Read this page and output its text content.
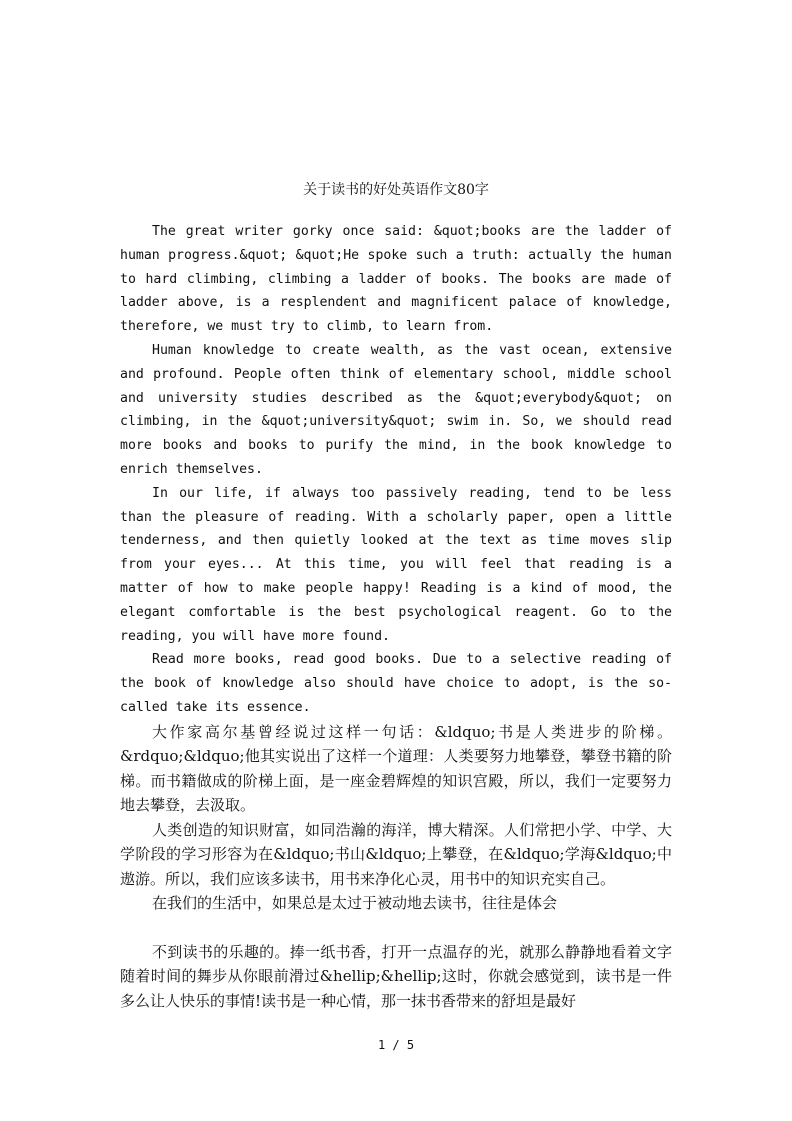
关于读书的好处英语作文80字

The great writer gorky once said: &quot;books are the ladder of human progress.&quot; &quot;He spoke such a truth: actually the human to hard climbing, climbing a ladder of books. The books are made of ladder above, is a resplendent and magnificent palace of knowledge, therefore, we must try to climb, to learn from.

Human knowledge to create wealth, as the vast ocean, extensive and profound. People often think of elementary school, middle school and university studies described as the &quot;everybody&quot; on climbing, in the &quot;university&quot; swim in. So, we should read more books and books to purify the mind, in the book knowledge to enrich themselves.

In our life, if always too passively reading, tend to be less than the pleasure of reading. With a scholarly paper, open a little tenderness, and then quietly looked at the text as time moves slip from your eyes... At this time, you will feel that reading is a matter of how to make people happy! Reading is a kind of mood, the elegant comfortable is the best psychological reagent. Go to the reading, you will have more found.

Read more books, read good books. Due to a selective reading of the book of knowledge also should have choice to adopt, is the so-called take its essence.

大作家高尔基曾经说过这样一句话：&ldquo;书是人类进步的阶梯。&rdquo;&ldquo;他其实说出了这样一个道理：人类要努力地攀登，攀登书籍的阶梯。而书籍做成的阶梯上面，是一座金碧辉煌的知识宫殿，所以，我们一定要努力地去攀登，去汲取。

人类创造的知识财富，如同浩瀚的海洋，博大精深。人们常把小学、中学、大学阶段的学习形容为在&ldquo;书山&ldquo;上攀登，在&ldquo;学海&ldquo;中遨游。所以，我们应该多读书，用书来净化心灵，用书中的知识充实自己。

在我们的生活中，如果总是太过于被动地去读书，往往是体会

不到读书的乐趣的。捧一纸书香，打开一点温存的光，就那么静静地看着文字随着时间的舞步从你眼前滑过&hellip;&hellip;这时，你就会感觉到，读书是一件多么让人快乐的事情!读书是一种心情，那一抹书香带来的舒坦是最好

1 / 5
